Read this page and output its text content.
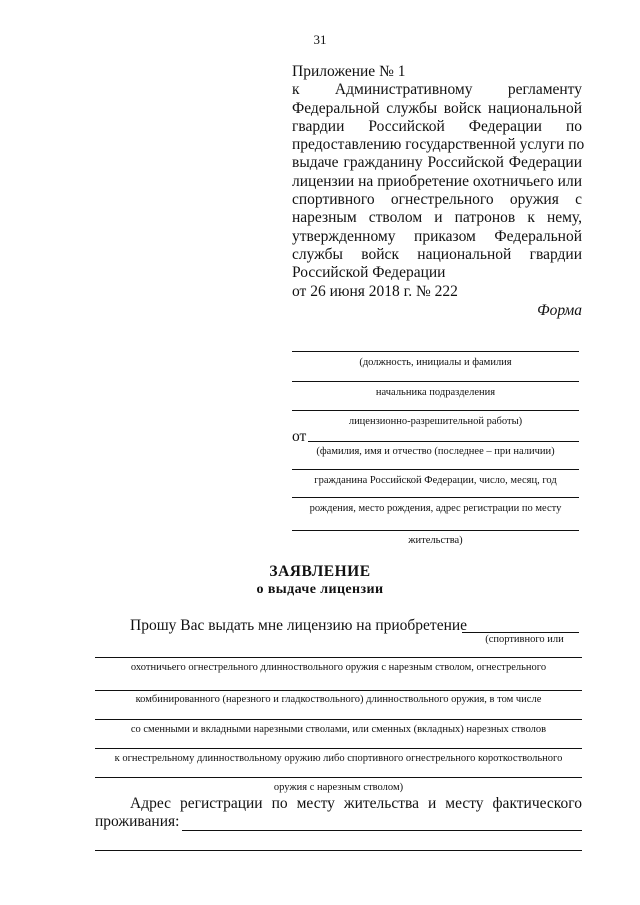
31
Приложение № 1
к Административному регламенту
Федеральной службы войск национальной
гвардии Российской Федерации по
предоставлению государственной услуги по
выдаче гражданину Российской Федерации
лицензии на приобретение охотничьего или
спортивного огнестрельного оружия с
нарезным стволом и патронов к нему,
утвержденному приказом Федеральной
службы войск национальной гвардии
Российской Федерации
от 26 июня 2018 г. № 222
Форма
(должность, инициалы и фамилия
начальника подразделения
лицензионно-разрешительной работы)
от
(фамилия, имя и отчество (последнее – при наличии)
гражданина Российской Федерации, число, месяц, год
рождения, место рождения, адрес регистрации по месту
жительства)
ЗАЯВЛЕНИЕ
о выдаче лицензии
Прошу Вас выдать мне лицензию на приобретение
(спортивного или
охотничьего огнестрельного длинноствольного оружия с нарезным стволом, огнестрельного
комбинированного (нарезного и гладкоствольного) длинноствольного оружия, в том числе
со сменными и вкладными нарезными стволами, или сменных (вкладных) нарезных стволов
к огнестрельному длинноствольному оружию либо спортивного огнестрельного короткоствольного
оружия с нарезным стволом)
Адрес регистрации по месту жительства и месту фактического
проживания:
